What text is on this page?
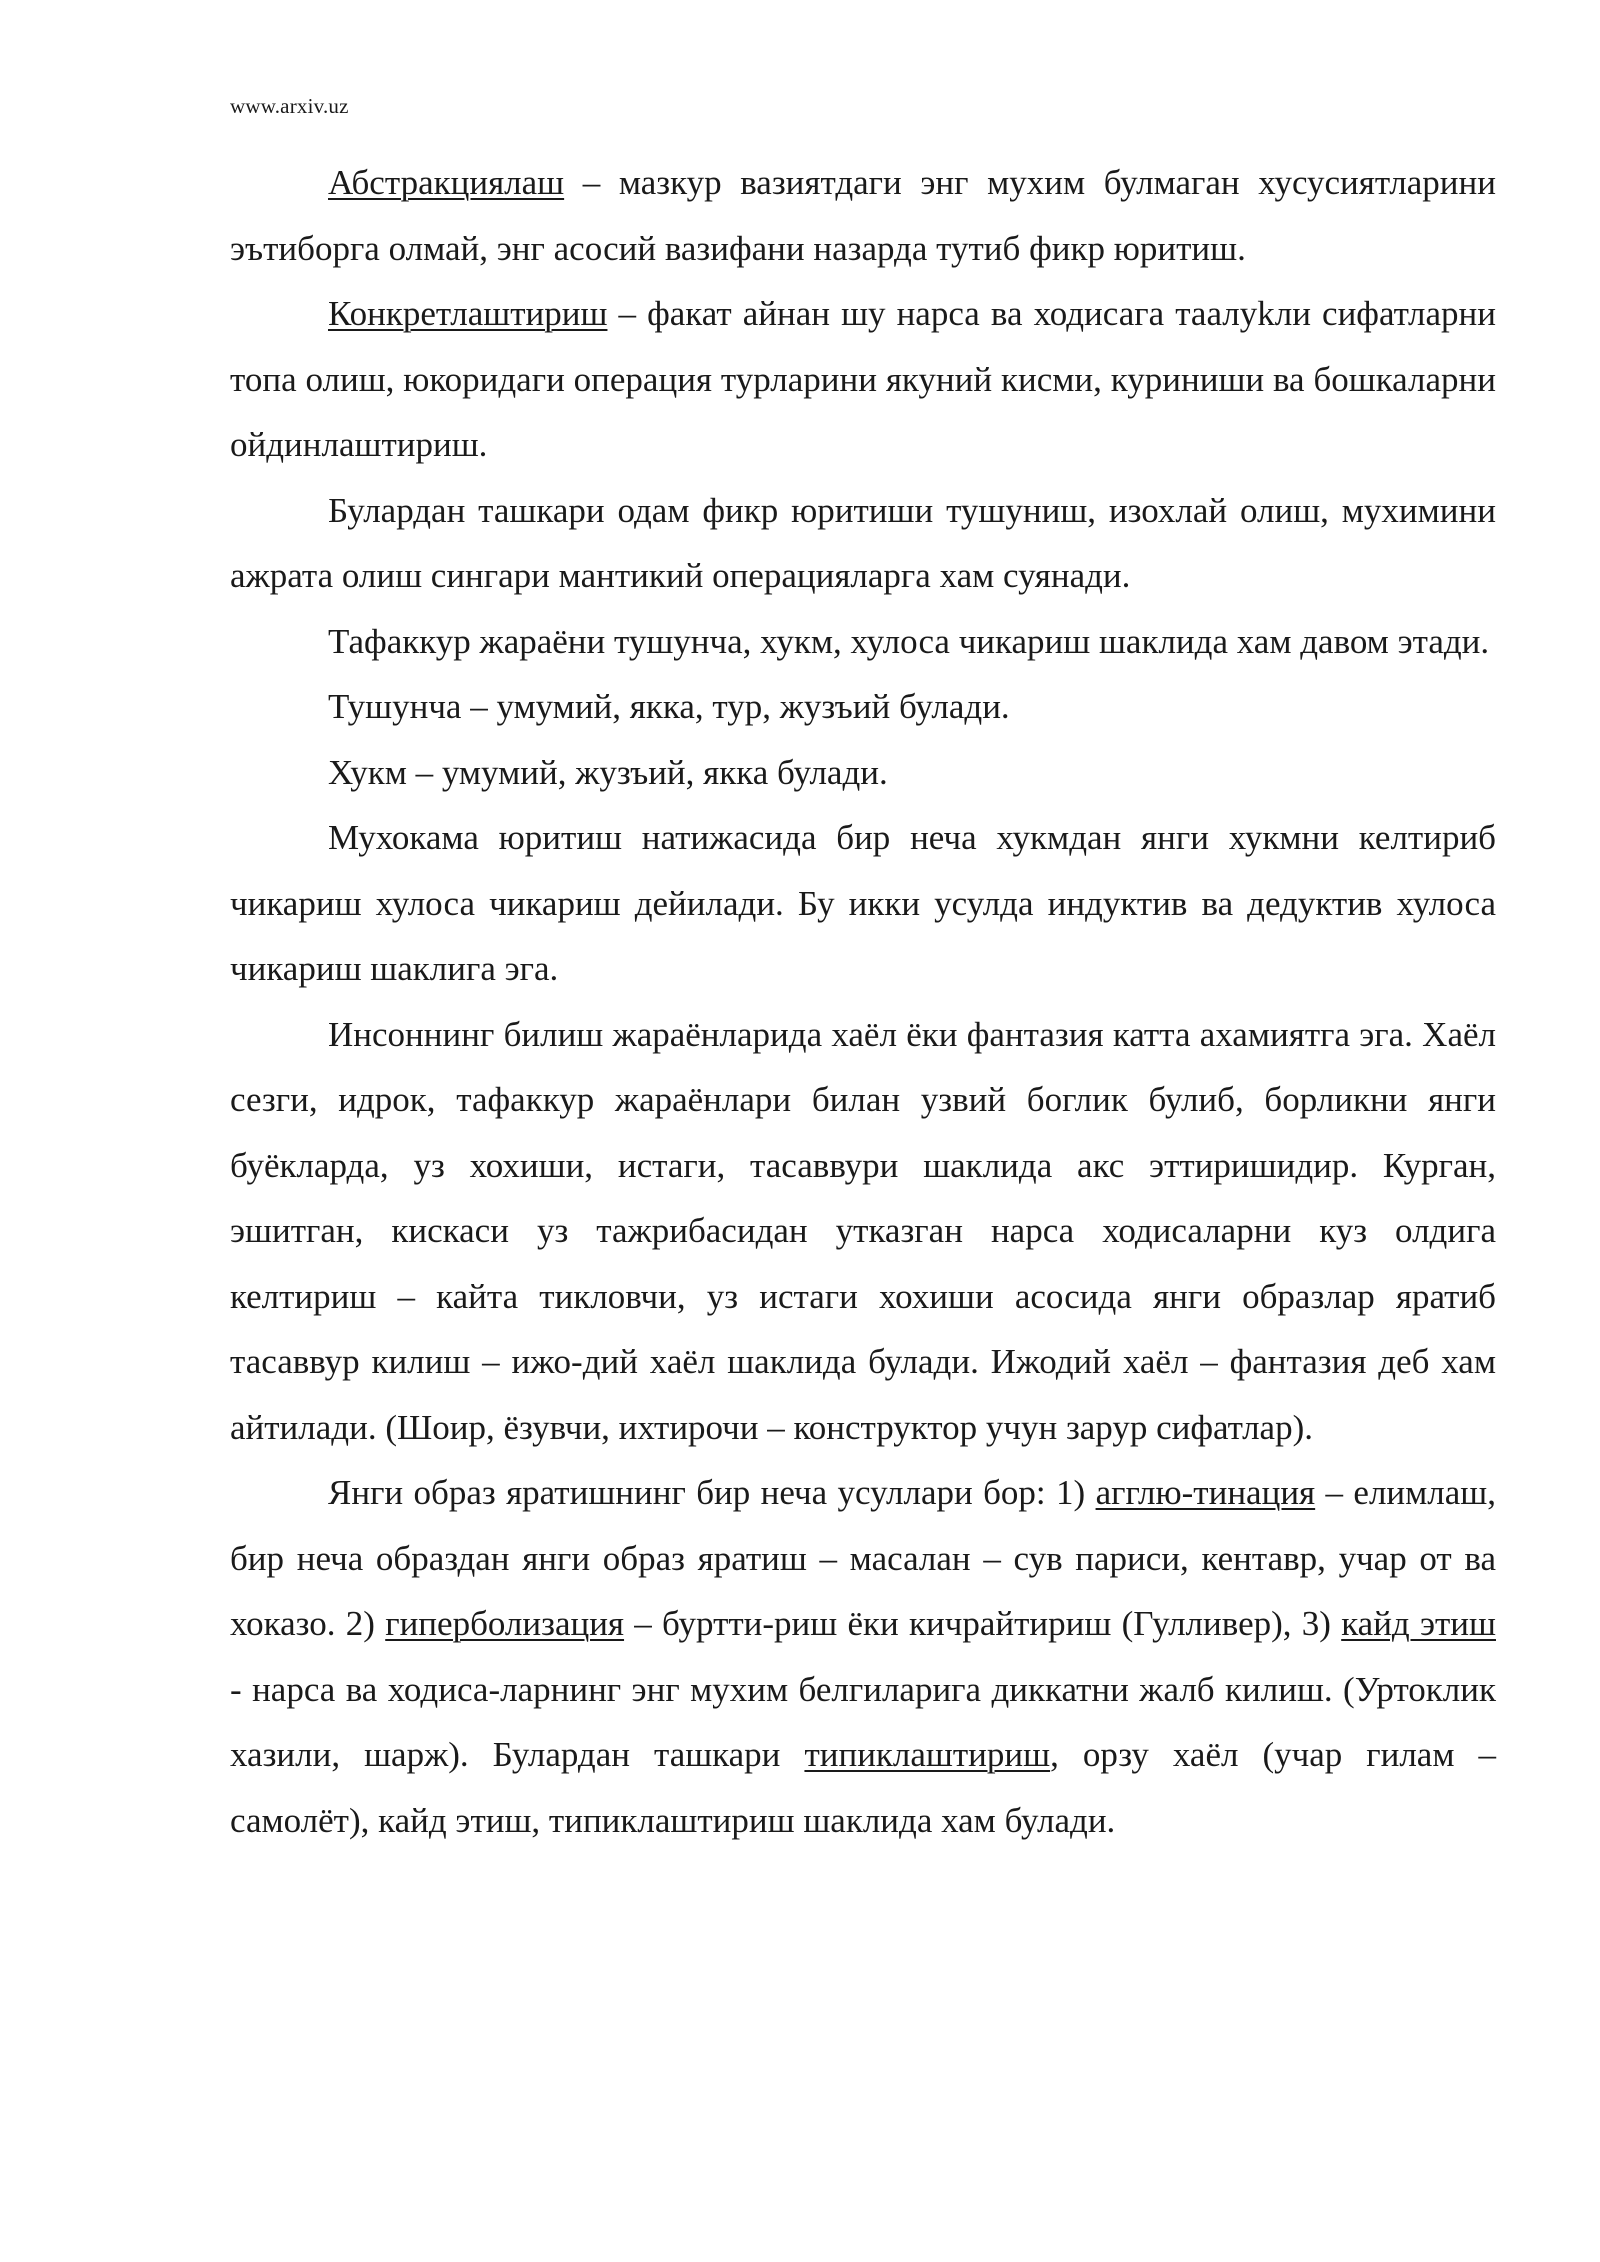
www.arxiv.uz

Абстракциялаш – мазкур вазиятдаги энг мухим булмаган хусусиятларини эътиборга олмай, энг асосий вазифани назарда тутиб фикр юритиш.

Конкретлаштириш – факат айнан шу нарса ва ходисага таалуkли сифатларни топа олиш, юкоридаги операция турларини якуний кисми, куриниши ва бошкаларни ойдинлаштириш.

Булардан ташкари одам фикр юритиши тушуниш, изохлай олиш, мухимини ажрата олиш сингари мантикий операцияларга хам суянади.

Тафаккур жараёни тушунча, хукм, хулоса чикариш шаклида хам давом этади.

Тушунча – умумий, якка, тур, жузъий булади.

Хукм – умумий, жузъий, якка булади.

Мухокама юритиш натижасида бир неча хукмдан янги хукмни келтириб чикариш хулоса чикариш дейилади. Бу икки усулда индуктив ва дедуктив хулоса чикариш шаклига эга.

Инсоннинг билиш жараёнларида хаёл ёки фантазия катта ахамиятга эга. Хаёл сезги, идрок, тафаккур жараёнлари билан узвий боглик булиб, борликни янги буёкларда, уз хохиши, истаги, тасаввури шаклида акс эттиришидир. Курган, эшитган, кискаси уз тажрибасидан утказган нарса ходисаларни куз олдига келтириш – кайта тикловчи, уз истаги хохиши асосида янги образлар яратиб тасаввур килиш – ижо-дий хаёл шаклида булади. Ижодий хаёл – фантазия деб хам айтилади. (Шоир, ёзувчи, ихтирочи – конструктор учун зарур сифатлар).

Янги образ яратишнинг бир неча усуллари бор: 1) агглю-тинация – елимлаш, бир неча образдан янги образ яратиш – масалан – сув париси, кентавр, учар от ва хоказо. 2) гиперболизация – буртти-риш ёки кичрайтириш (Гулливер), 3) кайд этиш - нарса ва ходиса-ларнинг энг мухим белгиларига диккатни жалб килиш. (Уртоклик хазили, шарж). Булардан ташкари типиклаштириш, орзу хаёл (учар гилам – самолёт), кайд этиш, типиклаштириш шаклида хам булади.
